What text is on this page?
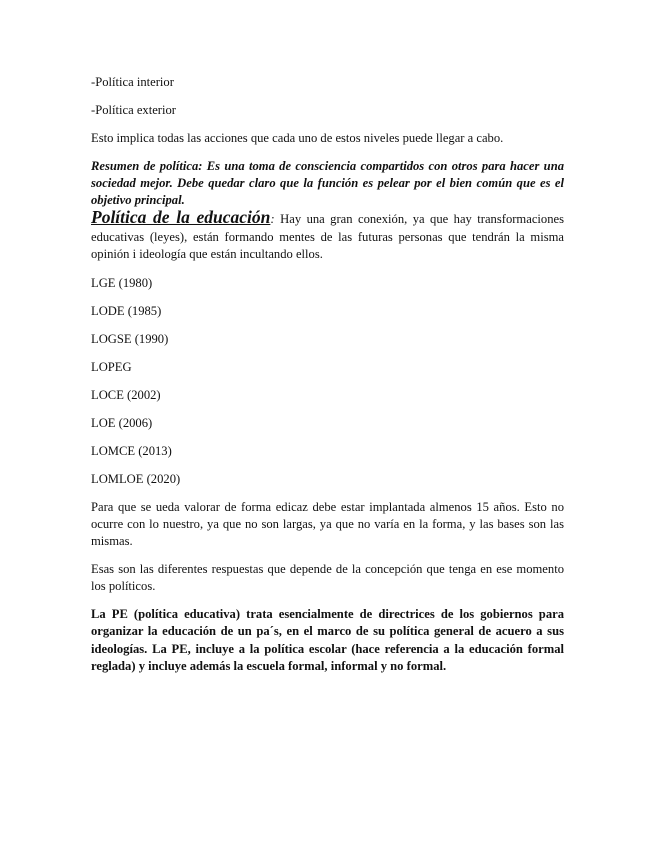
-Política interior

-Política exterior

Esto implica todas las acciones que cada uno de estos niveles puede llegar a cabo.

Resumen de política: Es una toma de consciencia compartidos con otros para hacer una sociedad mejor. Debe quedar claro que la función es pelear por el bien común que es el objetivo principal.

Política de la educación: Hay una gran conexión, ya que hay transformaciones educativas (leyes), están formando mentes de las futuras personas que tendrán la misma opinión i ideología que están incultando ellos.

LGE (1980)

LODE (1985)

LOGSE (1990)

LOPEG

LOCE (2002)

LOE (2006)

LOMCE (2013)

LOMLOE (2020)

Para que se ueda valorar de forma edicaz debe estar implantada almenos 15 años. Esto no ocurre con lo nuestro, ya que no son largas, ya que no varía en la forma, y las bases son las mismas.

Esas son las diferentes respuestas que depende de la concepción que tenga en ese momento los políticos.

La PE (política educativa) trata esencialmente de directrices de los gobiernos para organizar la educación de un pa´s, en el marco de su política general de acuero a sus ideologías. La PE, incluye a la política escolar (hace referencia a la educación formal reglada) y incluye además la escuela formal, informal y no formal.
